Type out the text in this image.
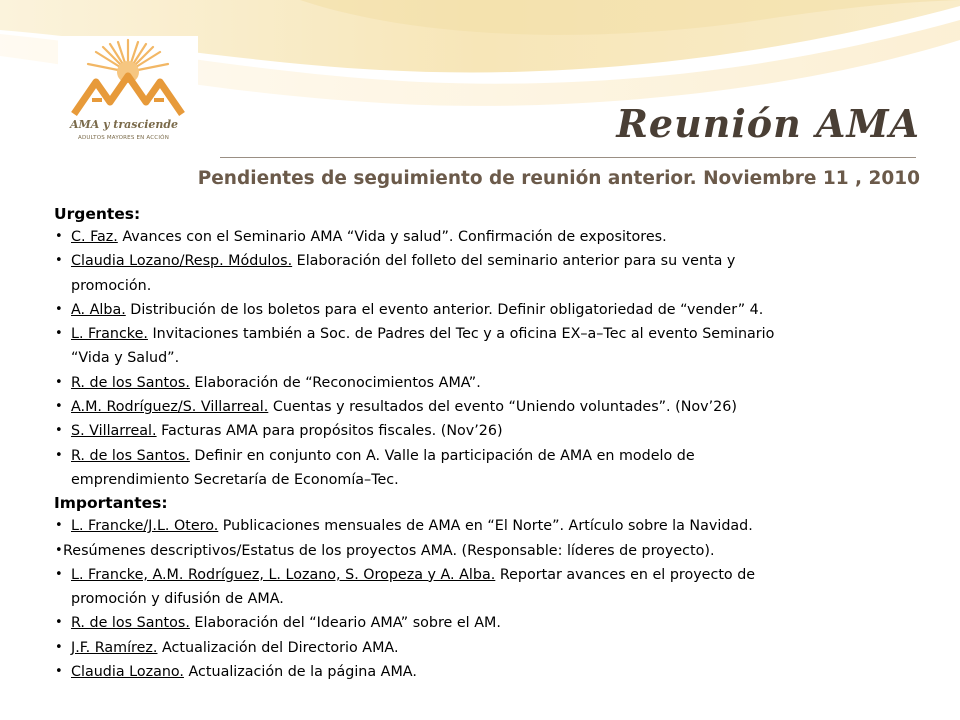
AMA y trasciende
ADULTOS MAYORES EN ACCIÓN	Reunión AMA
Pendientes de seguimiento de reunión anterior. Noviembre 11 , 2010
Urgentes:
• C. Faz. Avances con el Seminario AMA “Vida y salud”. Confirmación de expositores.
• Claudia Lozano/Resp. Módulos. Elaboración del folleto del seminario anterior para su venta y
promoción.
• A. Alba. Distribución de los boletos para el evento anterior. Definir obligatoriedad de “vender” 4.
• L. Francke. Invitaciones también a Soc. de Padres del Tec y a oficina EX–a–Tec al evento Seminario
“Vida y Salud”.
• R. de los Santos. Elaboración de “Reconocimientos AMA”.
• A.M. Rodríguez/S. Villarreal. Cuentas y resultados del evento “Uniendo voluntades”. (Nov’26)
• S. Villarreal. Facturas AMA para propósitos fiscales. (Nov’26)
• R. de los Santos. Definir en conjunto con A. Valle la participación de AMA en modelo de
emprendimiento Secretaría de Economía–Tec.
Importantes:
• L. Francke/J.L. Otero. Publicaciones mensuales de AMA en “El Norte”. Artículo sobre la Navidad.
• Resúmenes descriptivos/Estatus de los proyectos AMA. (Responsable: líderes de proyecto).
• L. Francke, A.M. Rodríguez, L. Lozano, S. Oropeza y A. Alba. Reportar avances en el proyecto de
promoción y difusión de AMA.
• R. de los Santos. Elaboración del “Ideario AMA” sobre el AM.
• J.F. Ramírez. Actualización del Directorio AMA.
• Claudia Lozano. Actualización de la página AMA.
